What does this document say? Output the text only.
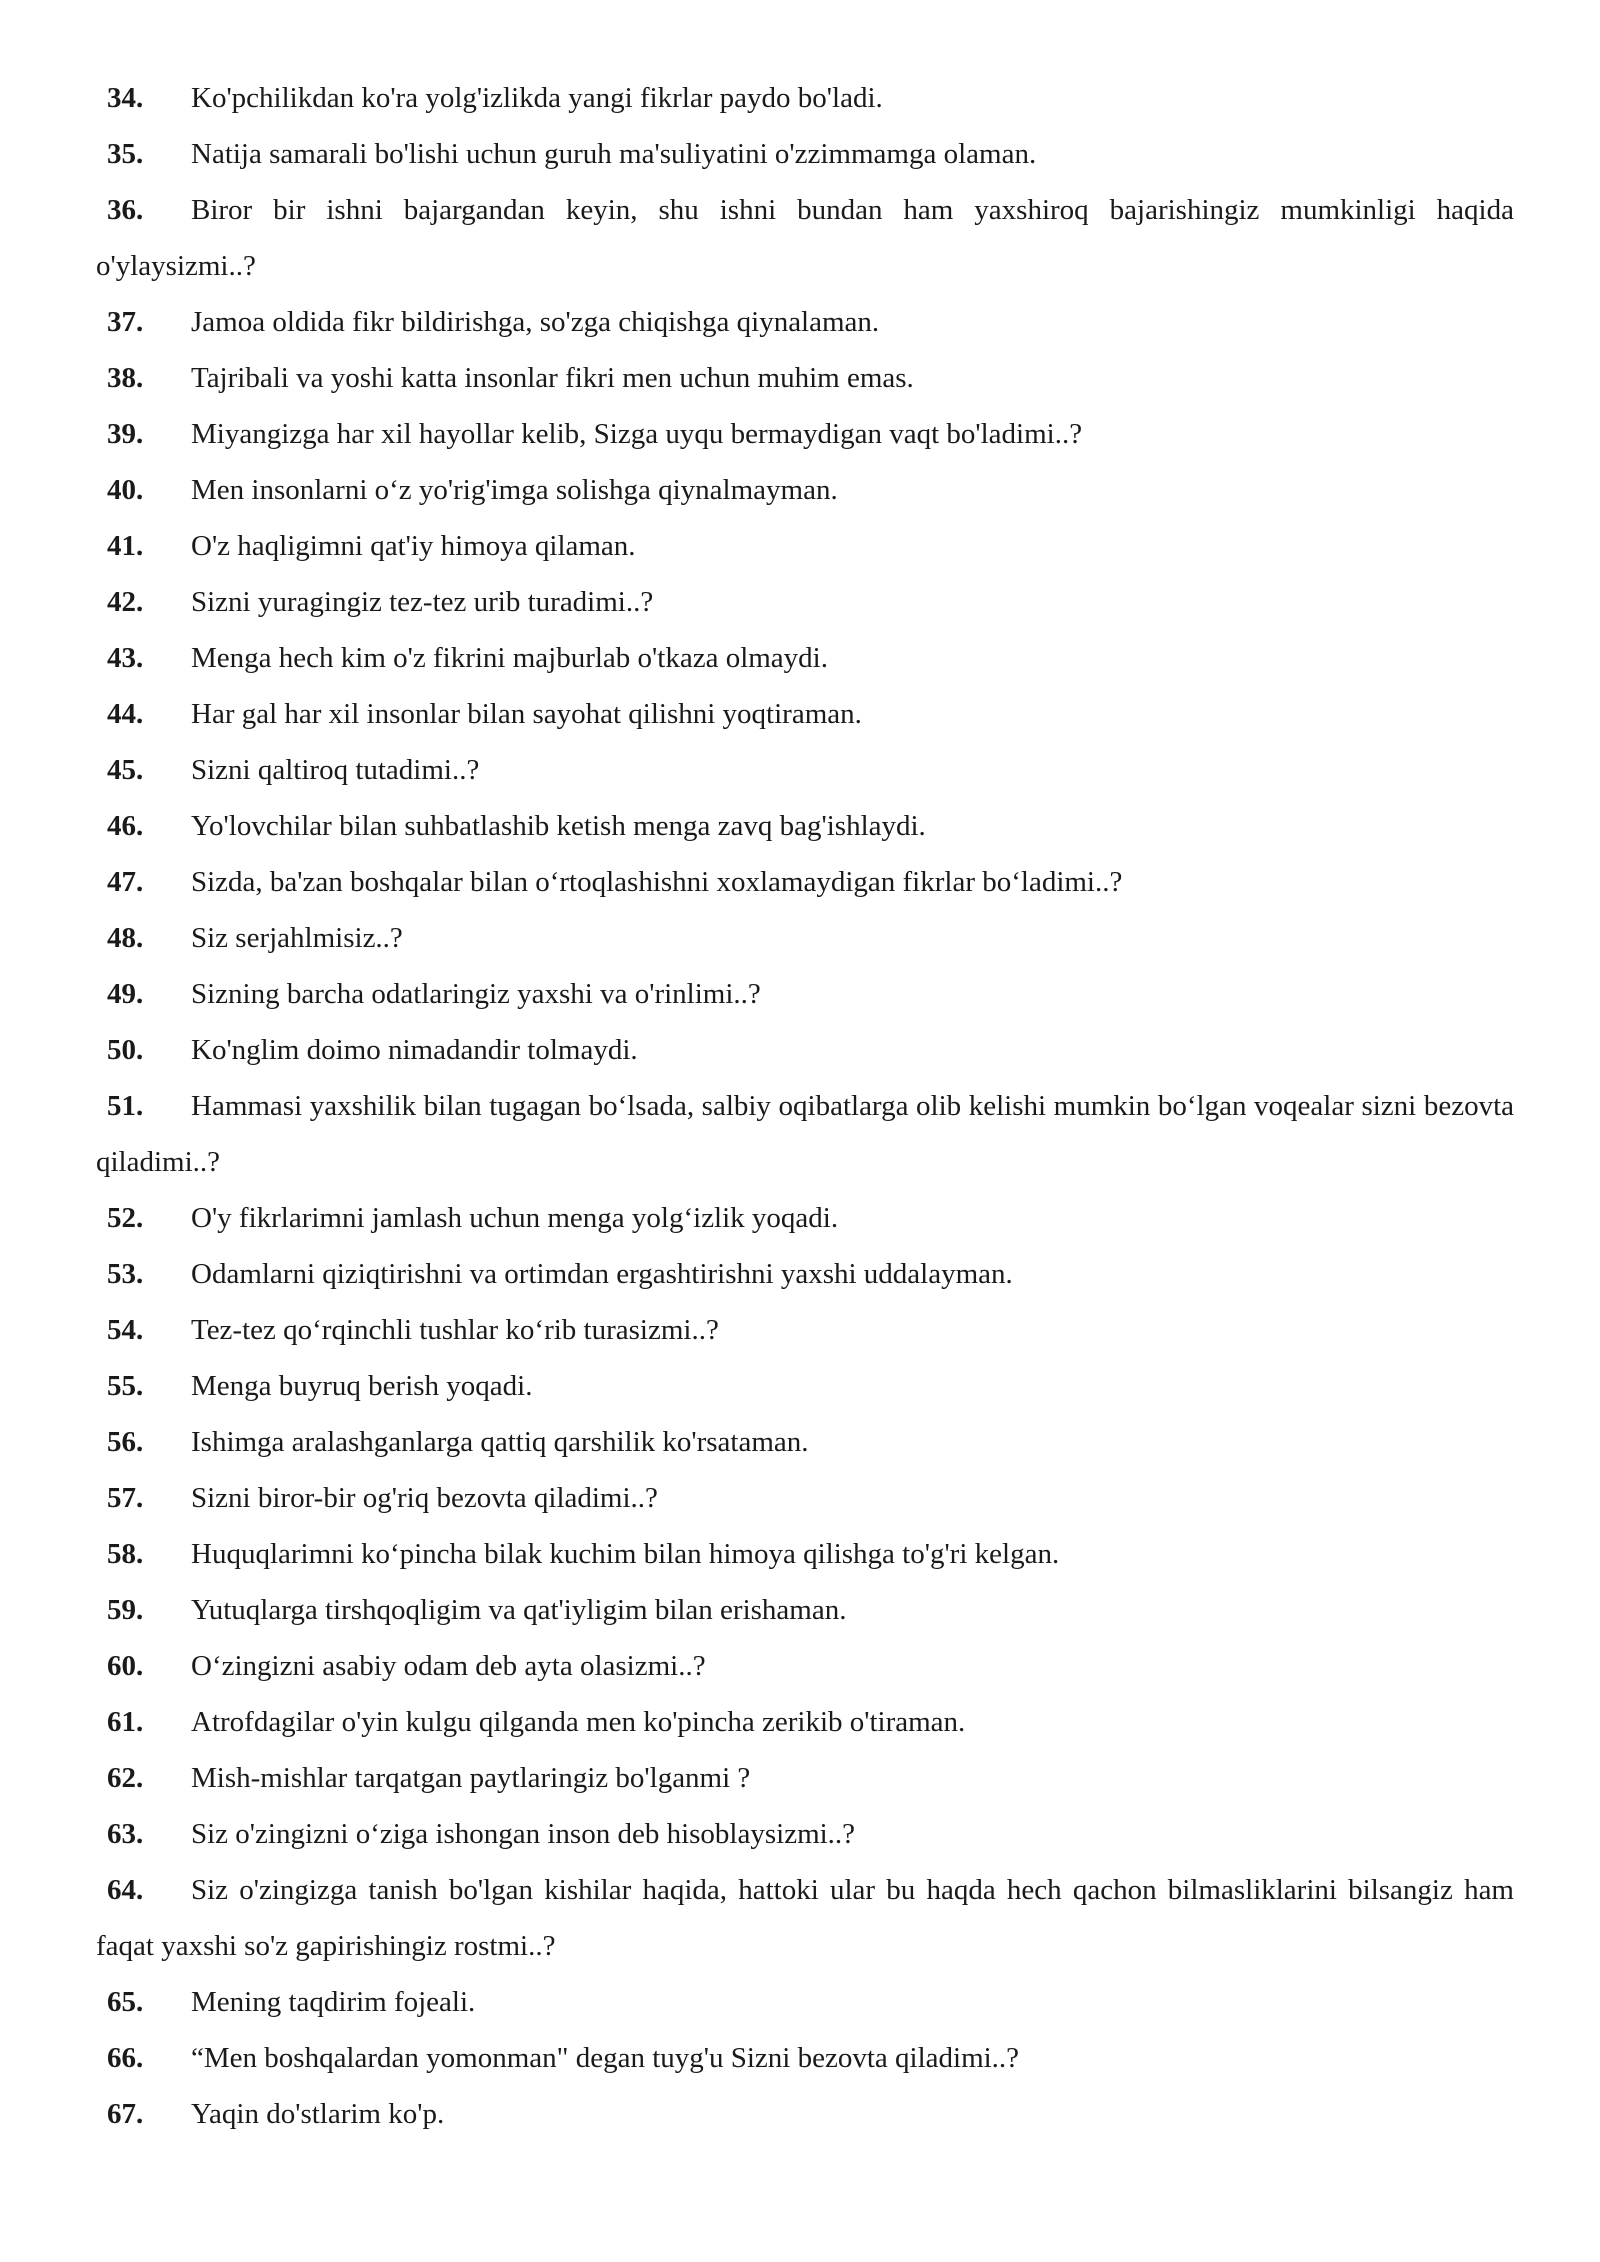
34. Ko'pchilikdan ko'ra yolg'izlikda yangi fikrlar paydo bo'ladi.

35. Natija samarali bo'lishi uchun guruh ma'suliyatini o'zzimmamga olaman.

36. Biror bir ishni bajargandan keyin, shu ishni bundan ham yaxshiroq bajarishingiz mumkinligi haqida o'ylaysizmi..?

37. Jamoa oldida fikr bildirishga, so'zga chiqishga qiynalaman.

38. Tajribali va yoshi katta insonlar fikri men uchun muhim emas.

39. Miyangizga har xil hayollar kelib, Sizga uyqu bermaydigan vaqt bo'ladimi..?

40. Men insonlarni o‘z yo'rig'imga solishga qiynalmayman.

41. O'z haqligimni qat'iy himoya qilaman.

42. Sizni yuragingiz tez-tez urib turadimi..?

43. Menga hech kim o'z fikrini majburlab o'tkaza olmaydi.

44. Har gal har xil insonlar bilan sayohat qilishni yoqtiraman.

45. Sizni qaltiroq tutadimi..?

46. Yo'lovchilar bilan suhbatlashib ketish menga zavq bag'ishlaydi.

47. Sizda, ba'zan boshqalar bilan o‘rtoqlashishni xoxlamaydigan fikrlar bo‘ladimi..?

48. Siz serjahlmisiz..?

49. Sizning barcha odatlaringiz yaxshi va o'rinlimi..?

50. Ko'nglim doimo nimadandir tolmaydi.

51. Hammasi yaxshilik bilan tugagan bo‘lsada, salbiy oqibatlarga olib kelishi mumkin bo‘lgan voqealar sizni bezovta qiladimi..?

52. O'y fikrlarimni jamlash uchun menga yolg‘izlik yoqadi.

53. Odamlarni qiziqtirishni va ortimdan ergashtirishni yaxshi uddalayman.

54. Tez-tez qo‘rqinchli tushlar ko‘rib turasizmi..?

55. Menga buyruq berish yoqadi.

56. Ishimga aralashganlarga qattiq qarshilik ko'rsataman.

57. Sizni biror-bir og'riq bezovta qiladimi..?

58. Huquqlarimni ko‘pincha bilak kuchim bilan himoya qilishga to'g'ri kelgan.

59. Yutuqlarga tirshqoqligim va qat'iyligim bilan erishaman.

60. O‘zingizni asabiy odam deb ayta olasizmi..?

61. Atrofdagilar o'yin kulgu qilganda men ko'pincha zerikib o'tiraman.

62. Mish-mishlar tarqatgan paytlaringiz bo'lganmi ?

63. Siz o'zingizni o‘ziga ishongan inson deb hisoblaysizmi..?

64. Siz o'zingizga tanish bo'lgan kishilar haqida, hattoki ular bu haqda hech qachon bilmasliklarini bilsangiz ham faqat yaxshi so'z gapirishingiz rostmi..?

65. Mening taqdirim fojeali.

66. “Men boshqalardan yomonman" degan tuyg'u Sizni bezovta qiladimi..?

67. Yaqin do'stlarim ko'p.
